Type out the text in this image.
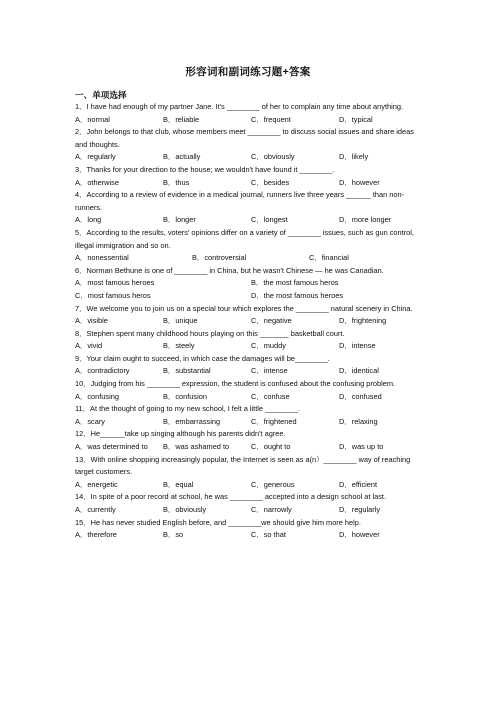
形容词和副词练习题+答案
一、单项选择

1．I have had enough of my partner Jane. It's ________ of her to complain any time about anything.

A．normal	B．reliable	C．frequent	D．typical

2．John belongs to that club, whose members meet ________ to discuss social issues and share ideas and thoughts.

A．regularly	B．actually	C．obviously	D．likely

3．Thanks for your direction to the house; we wouldn't have found it ________.

A．otherwise	B．thus	C．besides	D．however

4．According to a review of evidence in a medical journal, runners live three years ______ than non-runners.

A．long	B．longer	C．longest	D．more longer

5．According to the results, voters' opinions differ on a variety of ________ issues, such as gun control, illegal immigration and so on.

A．nonessential	B．controversial	C．financial

6．Norman Bethune is one of ________ in China, but he wasn't Chinese — he was Canadian.

A．most famous heroes	B．the most famous heros
C．most famous heros	D．the most famous heroes

7．We welcome you to join us on a special tour which explores the ________ natural scenery in China.

A．visible	B．unique	C．negative	D．frightening

8．Stephen spent many childhood hours playing on this _______ basketball court.

A．vivid	B．steely	C．muddy	D．intense

9．Your claim ought to succeed, in which case the damages will be________.

A．contradictory	B．substantial	C．intense	D．identical

10．Judging from his ________ expression, the student is confused about the confusing problem.

A．confusing	B．confusion	C．confuse	D．confused

11．At the thought of going to my new school, I felt a little ________.

A．scary	B．embarrassing	C．frightened	D．relaxing

12．He______take up singing although his parents didn't agree.

A．was determined to	B．was ashamed to	C．ought to	D．was up to

13．With online shopping increasingly popular, the Internet is seen as a(n）________ way of reaching target customers.

A．energetic	B．equal	C．generous	D．efficient

14．In spite of a poor record at school, he was ________ accepted into a design school at last.

A．currently	B．obviously	C．narrowly	D．regularly

15．He has never studied English before, and ________we should give him more help.

A．therefore	B．so	C．so that	D．however
